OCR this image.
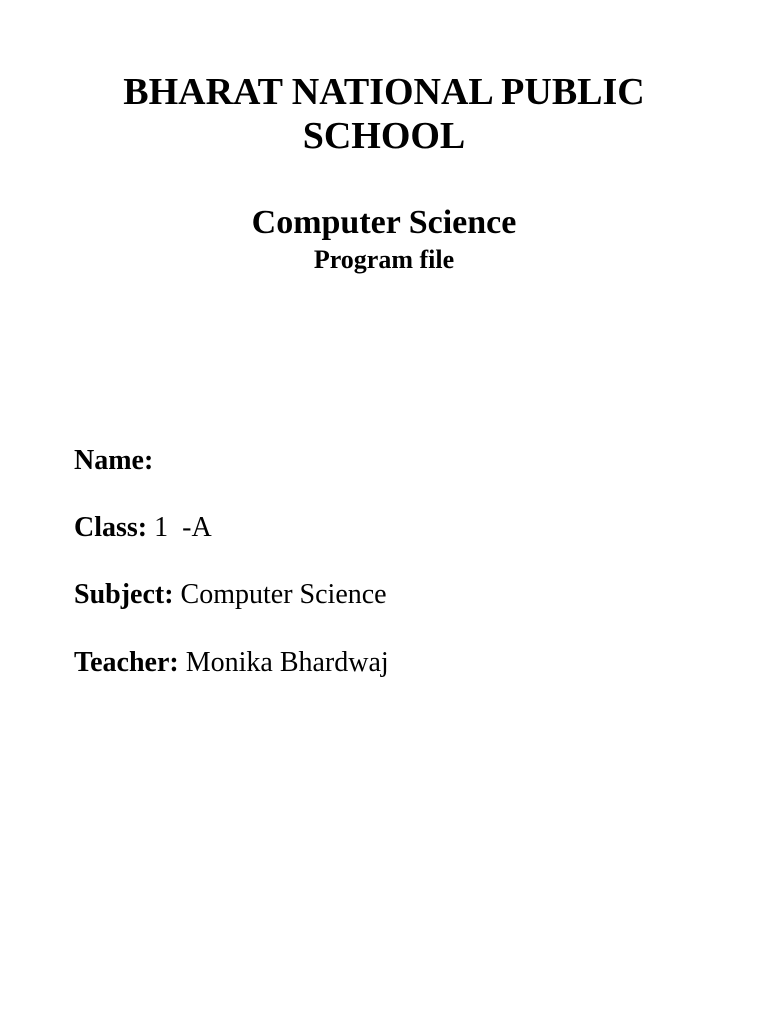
BHARAT NATIONAL PUBLIC SCHOOL
Computer Science
Program file

Name:

Class: 1  -A

Subject: Computer Science

Teacher: Monika Bhardwaj
